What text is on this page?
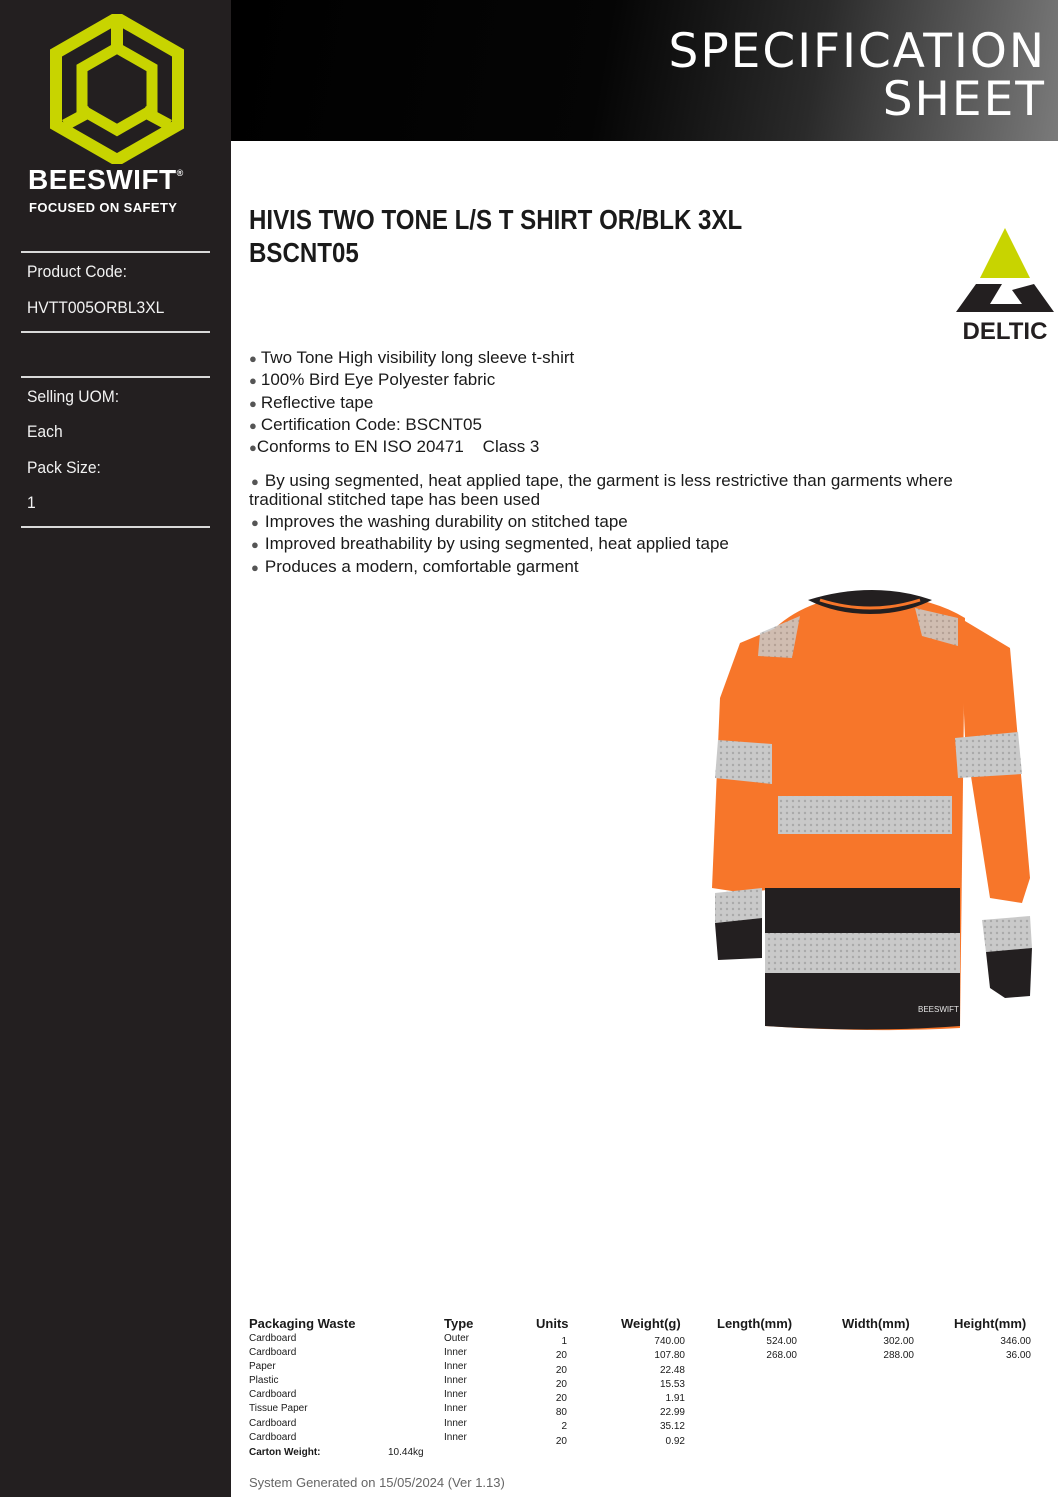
BEESWIFT®
FOCUSED ON SAFETY
Product Code:
HVTT005ORBL3XL
Selling UOM:
Each
Pack Size:
1
SPECIFICATION
SHEET
HIVIS TWO TONE L/S T SHIRT OR/BLK 3XL
BSCNT05
DELTIC
● Two Tone High visibility long sleeve t-shirt
● 100% Bird Eye Polyester fabric
● Reflective tape
● Certification Code: BSCNT05
●Conforms to EN ISO 20471    Class 3
● By using segmented, heat applied tape, the garment is less restrictive than garments where traditional stitched tape has been used
● Improves the washing durability on stitched tape
● Improved breathability by using segmented, heat applied tape
● Produces a modern, comfortable garment
BEESWIFT
Packaging Waste	Type	Units	Weight(g)	Length(mm)	Width(mm)	Height(mm)
Cardboard	Outer	1	740.00	524.00	302.00	346.00
Cardboard	Inner	20	107.80	268.00	288.00	36.00
Paper	Inner	20	22.48
Plastic	Inner	20	15.53
Cardboard	Inner	20	1.91
Tissue Paper	Inner	80	22.99
Cardboard	Inner	2	35.12
Cardboard	Inner	20	0.92
Carton Weight:	10.44kg
System Generated on 15/05/2024 (Ver 1.13)
